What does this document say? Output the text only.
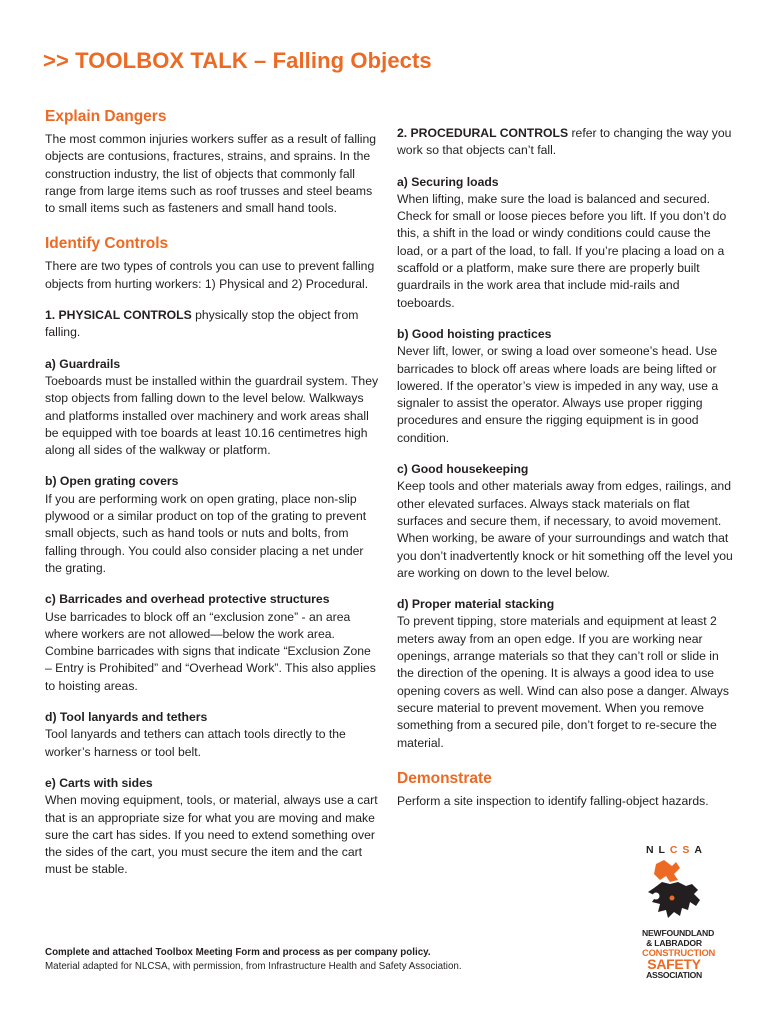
>> TOOLBOX TALK – Falling Objects
Explain Dangers

The most common injuries workers suffer as a result of falling objects are contusions, fractures, strains, and sprains. In the construction industry, the list of objects that commonly fall range from large items such as roof trusses and steel beams to small items such as fasteners and small hand tools.

Identify Controls

There are two types of controls you can use to prevent falling objects from hurting workers: 1) Physical and 2) Procedural.

1. PHYSICAL CONTROLS physically stop the object from falling.

a) Guardrails
Toeboards must be installed within the guardrail system. They stop objects from falling down to the level below. Walkways and platforms installed over machinery and work areas shall be equipped with toe boards at least 10.16 centimetres high along all sides of the walkway or platform.

b) Open grating covers
If you are performing work on open grating, place non-slip plywood or a similar product on top of the grating to prevent small objects, such as hand tools or nuts and bolts, from falling through. You could also consider placing a net under the grating.

c) Barricades and overhead protective structures
Use barricades to block off an “exclusion zone” - an area where workers are not allowed—below the work area. Combine barricades with signs that indicate “Exclusion Zone – Entry is Prohibited” and “Overhead Work”. This also applies to hoisting areas.

d) Tool lanyards and tethers
Tool lanyards and tethers can attach tools directly to the worker’s harness or tool belt.

e) Carts with sides
When moving equipment, tools, or material, always use a cart that is an appropriate size for what you are moving and make sure the cart has sides. If you need to extend something over the sides of the cart, you must secure the item and the cart must be stable.

2. PROCEDURAL CONTROLS refer to changing the way you work so that objects can’t fall.

a) Securing loads
When lifting, make sure the load is balanced and secured. Check for small or loose pieces before you lift. If you don’t do this, a shift in the load or windy conditions could cause the load, or a part of the load, to fall. If you’re placing a load on a scaffold or a platform, make sure there are properly built guardrails in the work area that include mid-rails and toeboards.

b) Good hoisting practices
Never lift, lower, or swing a load over someone’s head. Use barricades to block off areas where loads are being lifted or lowered. If the operator’s view is impeded in any way, use a signaler to assist the operator. Always use proper rigging procedures and ensure the rigging equipment is in good condition.

c) Good housekeeping
Keep tools and other materials away from edges, railings, and other elevated surfaces. Always stack materials on flat surfaces and secure them, if necessary, to avoid movement. When working, be aware of your surroundings and watch that you don’t inadvertently knock or hit something off the level you are working on down to the level below.

d) Proper material stacking
To prevent tipping, store materials and equipment at least 2 meters away from an open edge. If you are working near openings, arrange materials so that they can’t roll or slide in the direction of the opening. It is always a good idea to use opening covers as well. Wind can also pose a danger. Always secure material to prevent movement. When you remove something from a secured pile, don’t forget to re-secure the material.

Demonstrate

Perform a site inspection to identify falling-object hazards.

N L C S A
NEWFOUNDLAND
& LABRADOR
CONSTRUCTION
SAFETY
ASSOCIATION
Complete and attached Toolbox Meeting Form and process as per company policy.
Material adapted for NLCSA, with permission, from Infrastructure Health and Safety Association.
